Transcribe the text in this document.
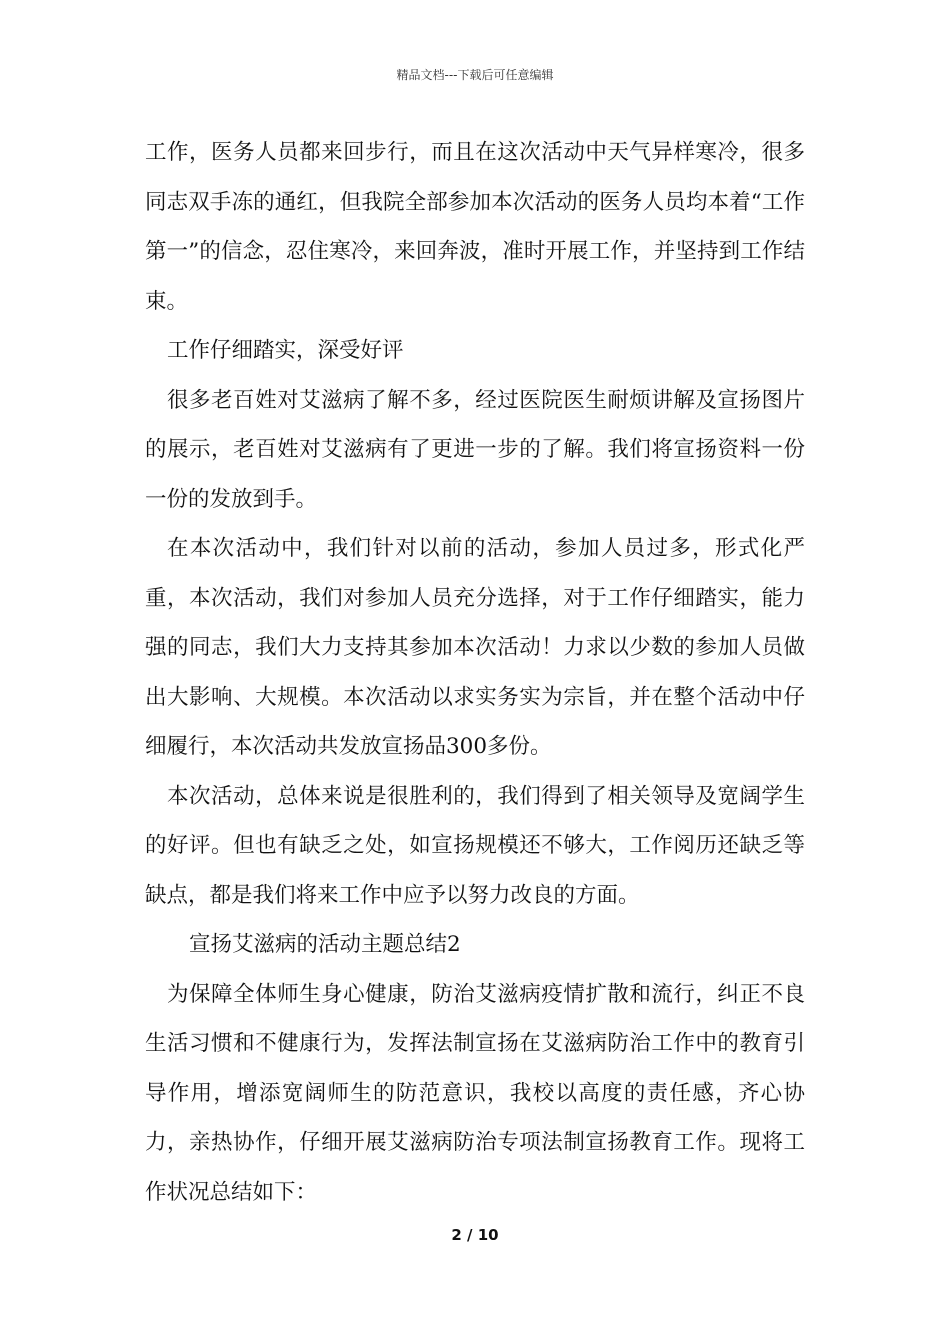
精品文档---下载后可任意编辑

工作，医务人员都来回步行，而且在这次活动中天气异样寒冷，很多同志双手冻的通红，但我院全部参加本次活动的医务人员均本着“工作第一”的信念，忍住寒冷，来回奔波，准时开展工作，并坚持到工作结束。

工作仔细踏实，深受好评

很多老百姓对艾滋病了解不多，经过医院医生耐烦讲解及宣扬图片的展示，老百姓对艾滋病有了更进一步的了解。我们将宣扬资料一份一份的发放到手。

在本次活动中，我们针对以前的活动，参加人员过多，形式化严重，本次活动，我们对参加人员充分选择，对于工作仔细踏实，能力强的同志，我们大力支持其参加本次活动！力求以少数的参加人员做出大影响、大规模。本次活动以求实务实为宗旨，并在整个活动中仔细履行，本次活动共发放宣扬品300多份。

本次活动，总体来说是很胜利的，我们得到了相关领导及宽阔学生的好评。但也有缺乏之处，如宣扬规模还不够大，工作阅历还缺乏等缺点，都是我们将来工作中应予以努力改良的方面。

宣扬艾滋病的活动主题总结2

为保障全体师生身心健康，防治艾滋病疫情扩散和流行，纠正不良生活习惯和不健康行为，发挥法制宣扬在艾滋病防治工作中的教育引导作用，增添宽阔师生的防范意识，我校以高度的责任感，齐心协力，亲热协作，仔细开展艾滋病防治专项法制宣扬教育工作。现将工作状况总结如下：

2 / 10
